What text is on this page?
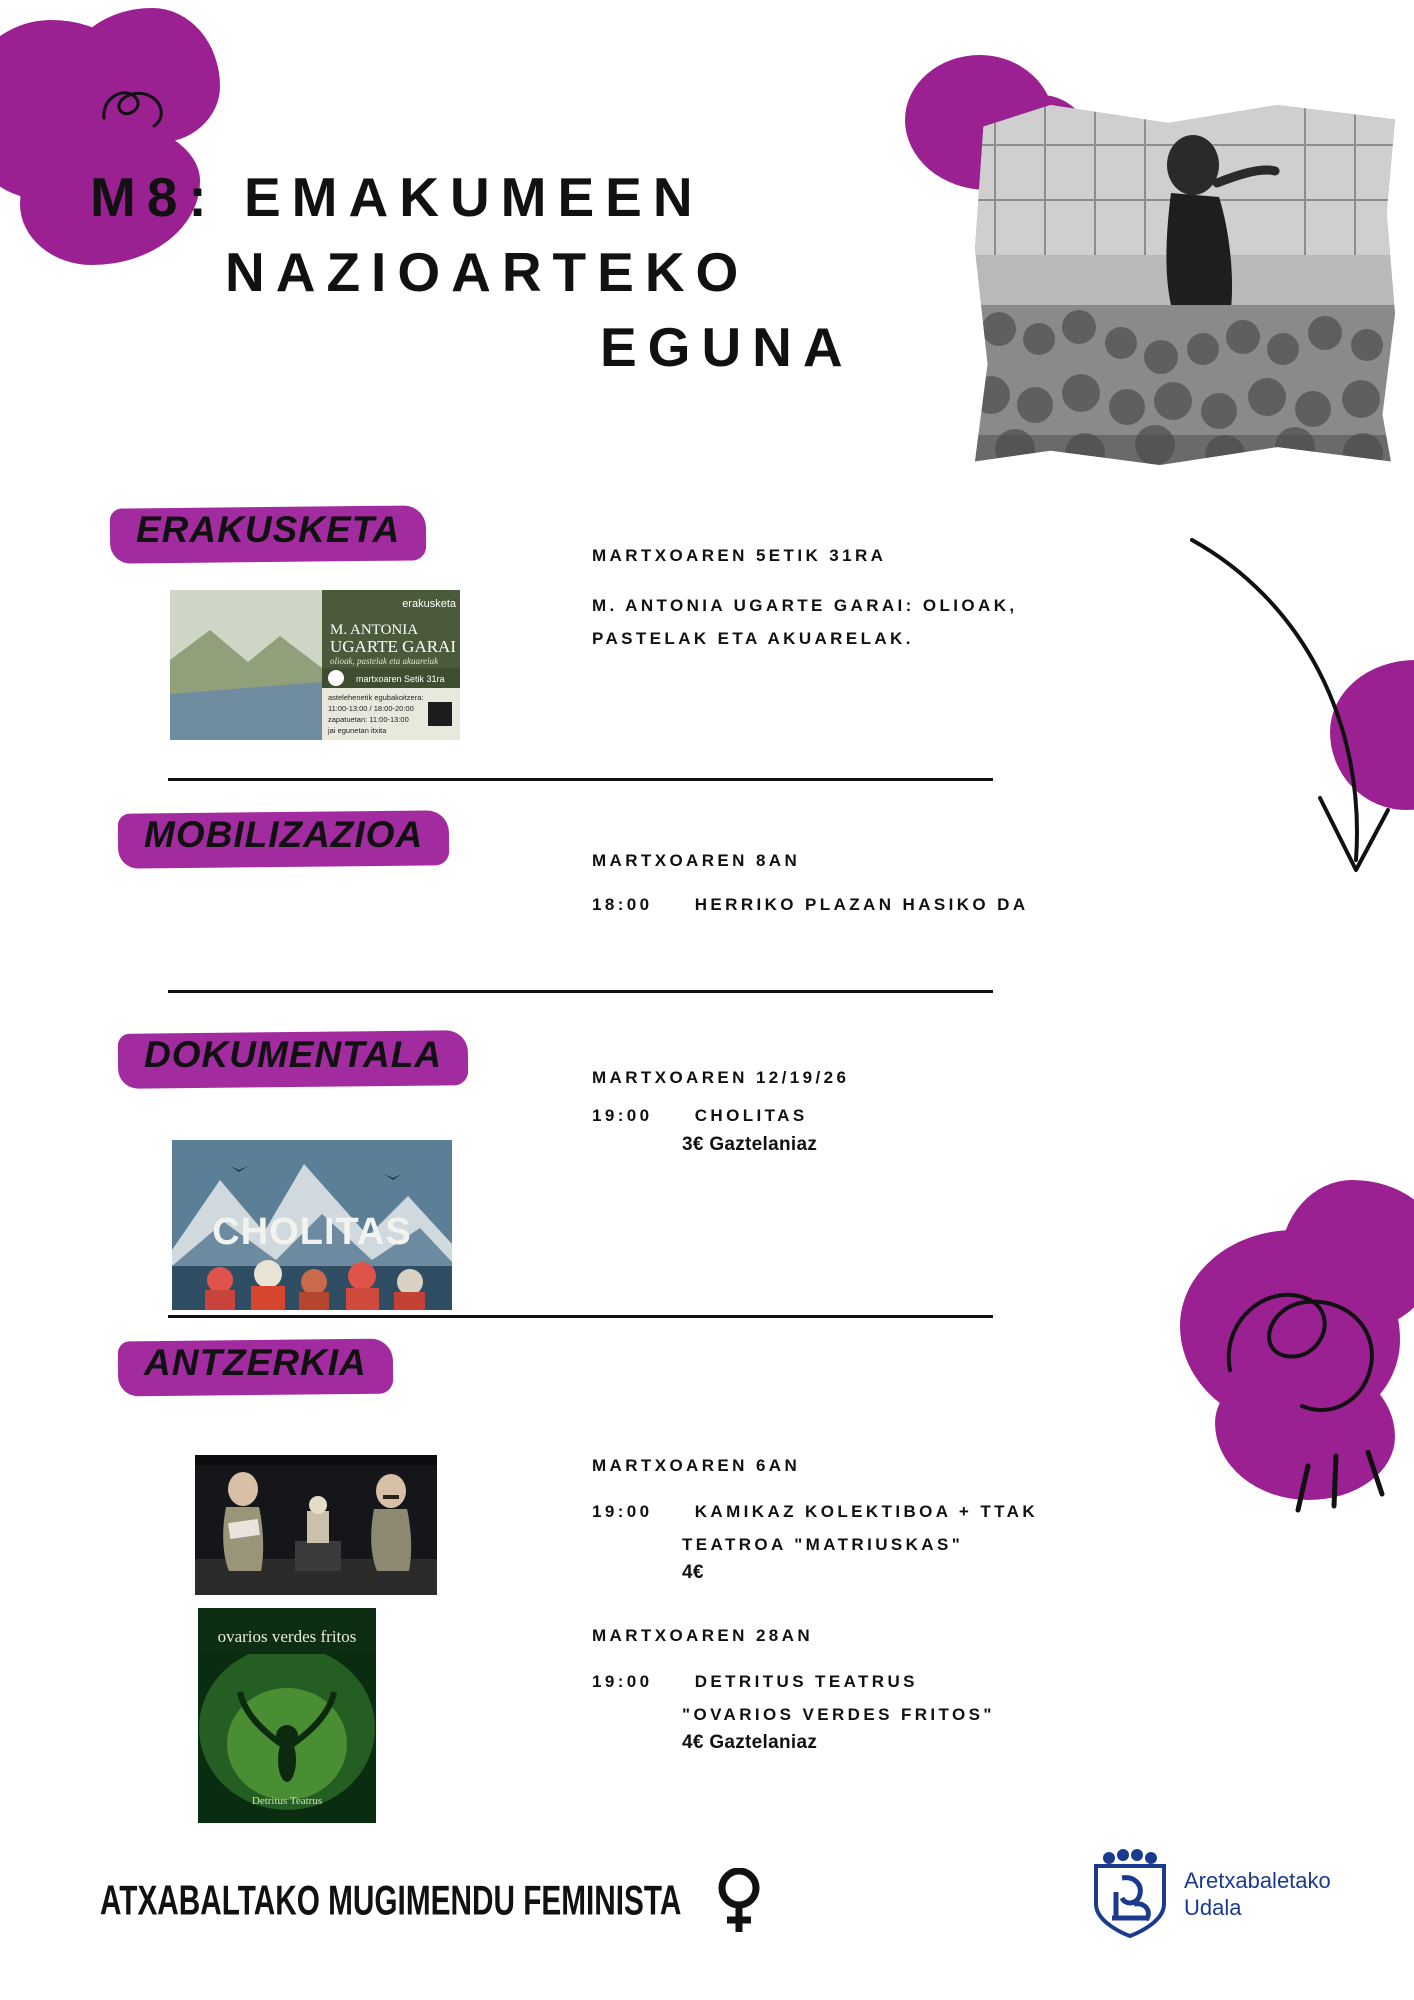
M8: EMAKUMEEN
NAZIOARTEKO
EGUNA
ERAKUSKETA
MARTXOAREN 5ETIK 31RA
M. ANTONIA UGARTE GARAI: OLIOAK,
PASTELAK ETA AKUARELAK.
erakusketa
M. ANTONIA
UGARTE GARAI
olioak, pastelak eta akuarelak
martxoaren Setik 31ra
astelehenetik egubakoitzera:
11:00-13:00 / 18:00-20:00
zapatuetan: 11:00-13:00
jai egunetan itxita
MOBILIZAZIOA
MARTXOAREN 8AN
18:00 HERRIKO PLAZAN HASIKO DA
DOKUMENTALA
MARTXOAREN 12/19/26
19:00 CHOLITAS
3€ Gaztelaniaz
CHOLITAS
ANTZERKIA
MARTXOAREN 6AN
19:00 KAMIKAZ KOLEKTIBOA + TTAK
TEATROA "MATRIUSKAS"
4€
ovarios verdes fritos
Detritus Teatrus
MARTXOAREN 28AN
19:00 DETRITUS TEATRUS
"OVARIOS VERDES FRITOS"
4€ Gaztelaniaz
ATXABALTAKO MUGIMENDU FEMINISTA	Aretxabaletako
Udala
